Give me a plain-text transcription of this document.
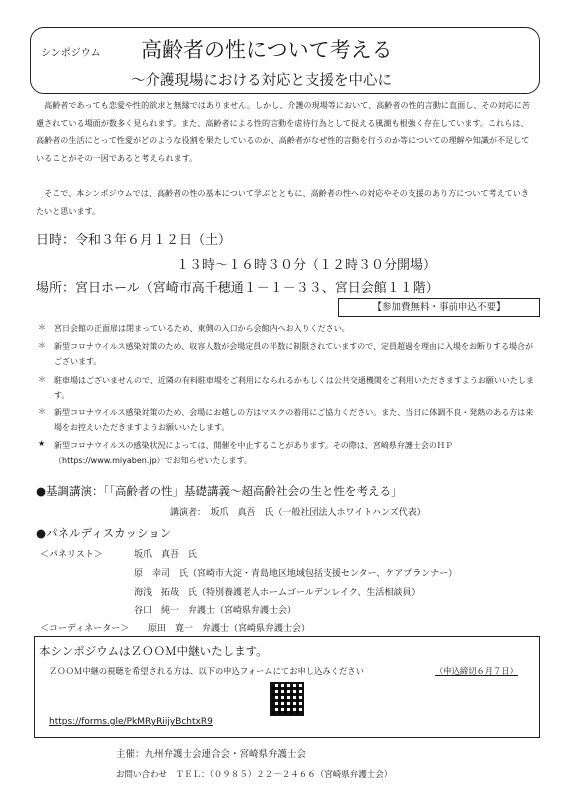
シンポジウム 高齢者の性について考える
～介護現場における対応と支援を中心に
高齢者であっても恋愛や性的欲求と無縁ではありません。しかし、介護の現場等において、高齢者の性的言動に直面し、その対応に苦慮されている場面が数多く見られます。また、高齢者による性的言動を虐待行為として捉える風潮も根強く存在しています。これらは、高齢者の生活にとって性愛がどのような役割を果たしているのか、高齢者がなぜ性的言動を行うのか等についての理解や知識が不足していることがその一因であると考えられます。
そこで、本シンポジウムでは、高齢者の性の基本について学ぶとともに、高齢者の性への対応やその支援のあり方について考えていきたいと思います。
日時：令和３年６月１２日（土）
１３時～１６時３０分（１２時３０分開場）
場所：宮日ホール（宮崎市高千穂通１－１－３３、宮日会館１１階）
【参加費無料・事前申込不要】
＊ 宮日会館の正面扉は閉まっているため、東側の入口から会館内へお入りください。
＊ 新型コロナウイルス感染対策のため、収容人数が会場定員の半数に制限されていますので、定員超過を理由に入場をお断りする場合がございます。
＊ 駐車場はございませんので、近隣の有料駐車場をご利用になられるかもしくは公共交通機関をご利用いただきますようお願いいたします。
＊ 新型コロナウイルス感染対策のため、会場にお越しの方はマスクの着用にご協力ください。また、当日に体調不良・発熱のある方は来場をお控えいただきますようお願いいたします。
★ 新型コロナウイルスの感染状況によっては、開催を中止することがあります。その際は、宮崎県弁護士会のＨＰ（https://www.miyaben.jp）でお知らせいたします。
●基調講演：「「高齢者の性」基礎講義～超高齢社会の生と性を考える」
講演者：　坂爪　真吾　氏（一般社団法人ホワイトハンズ代表）
●パネルディスカッション
＜パネリスト＞	坂爪　真吾　氏
原　幸司　氏（宮崎市大淀・青島地区地域包括支援センター、ケアプランナー）
海浅　拓哉　氏（特別養護老人ホームゴールデンレイク、生活相談員）
谷口　純一　弁護士（宮崎県弁護士会）
＜コーディネーター＞ 原田　寛一　弁護士（宮崎県弁護士会）
本シンポジウムはＺＯＯＭ中継いたします。
ＺＯＯＭ中継の視聴を希望される方は、以下の申込フォームにてお申し込みください	（申込締切６月７日）
https://forms.gle/PkMRyRiijyBchtxR9
主催：九州弁護士会連合会・宮崎県弁護士会
お問い合わせ　ＴＥＬ：（０９８５）２２－２４６６（宮崎県弁護士会）
